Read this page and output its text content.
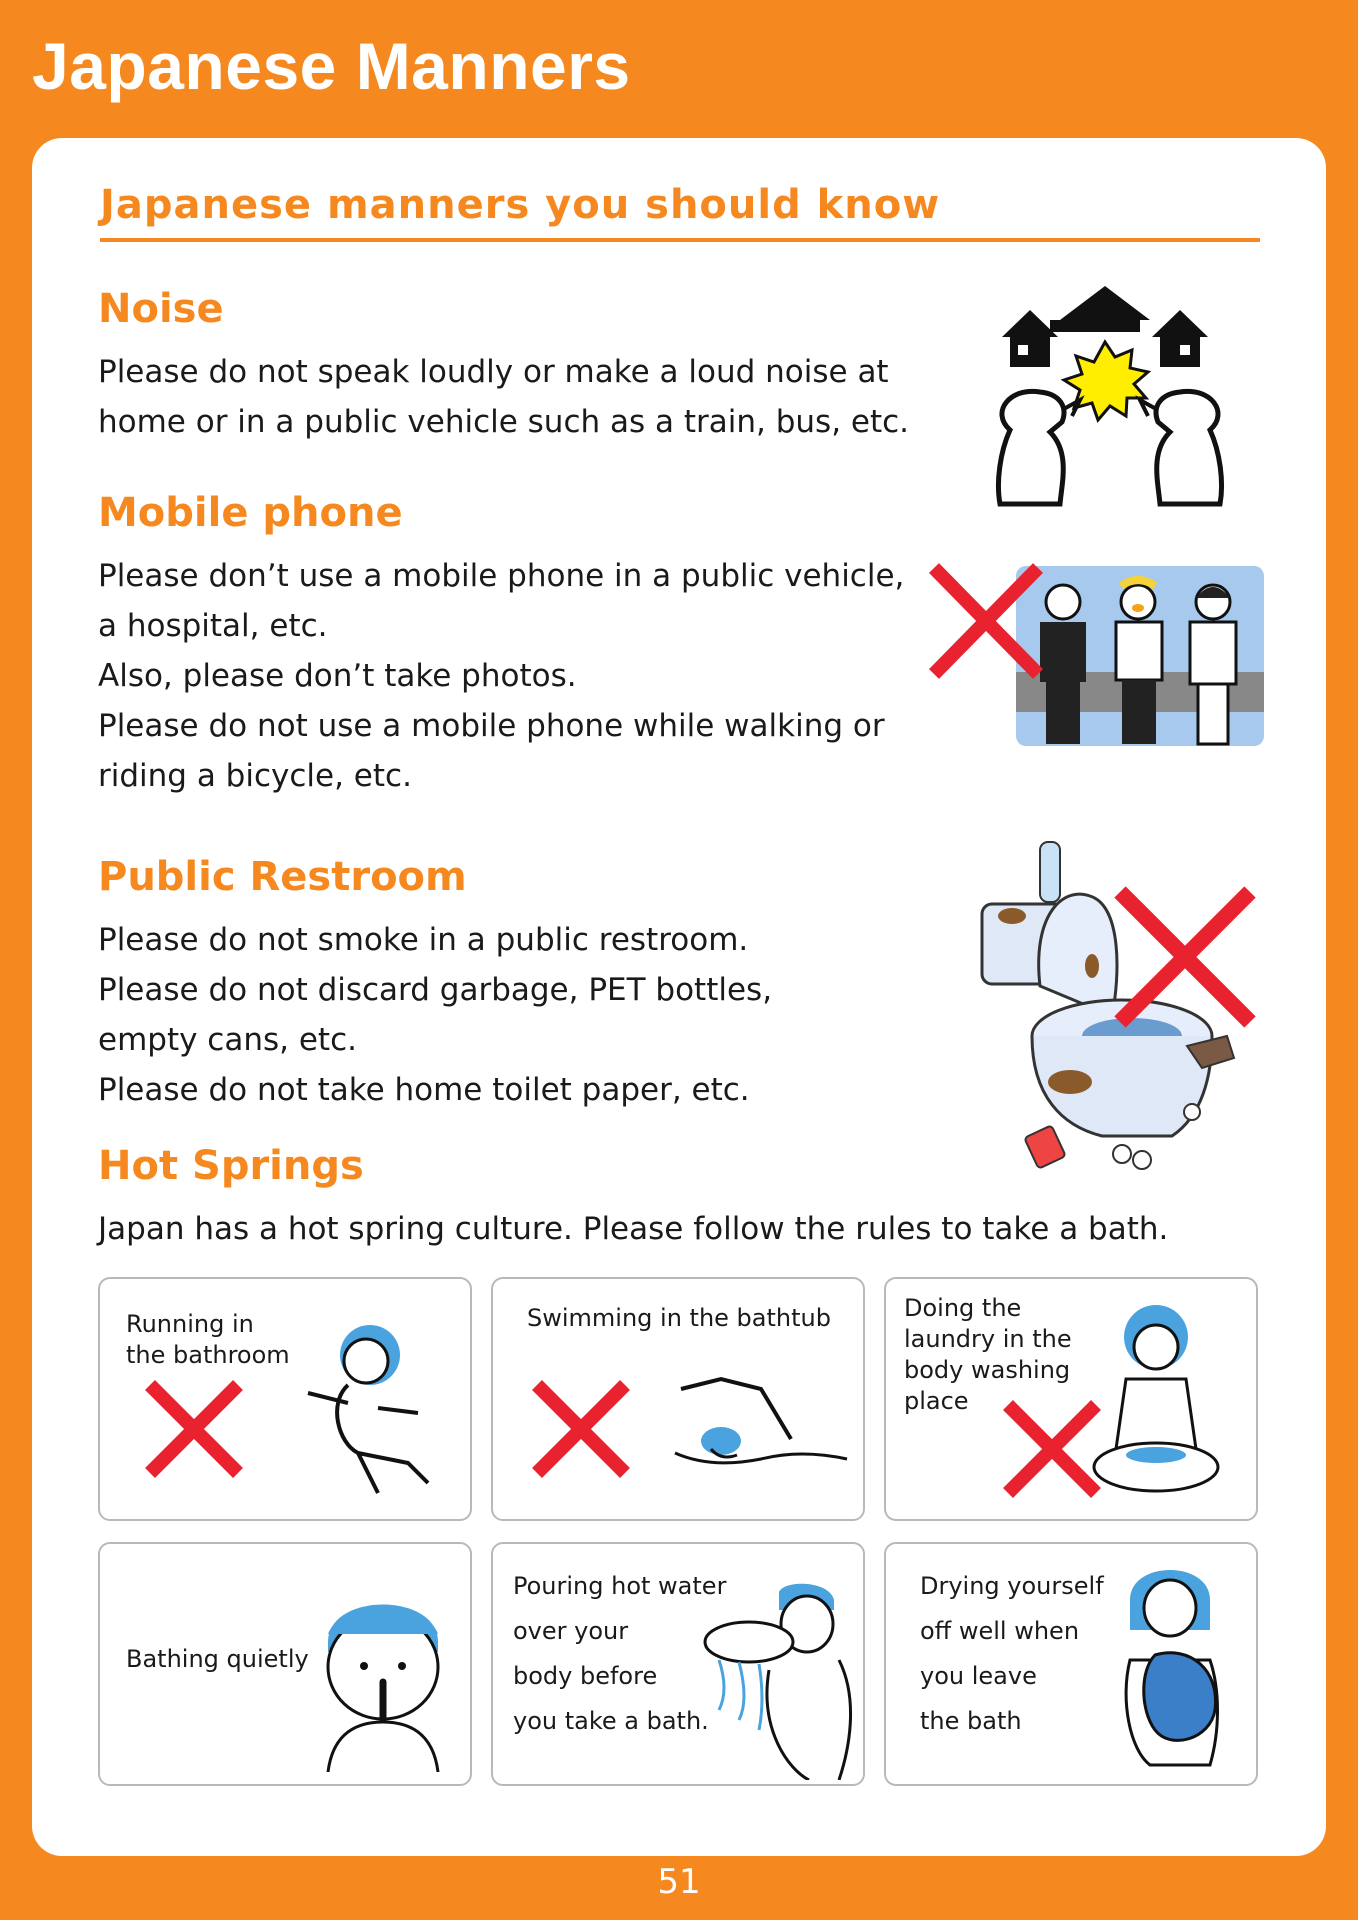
Japanese Manners
Japanese manners you should know
Noise
Please do not speak loudly or make a loud noise at
home or in a public vehicle such as a train, bus, etc.
Mobile phone
Please don’t use a mobile phone in a public vehicle,
a hospital, etc.
Also, please don’t take photos.
Please do not use a mobile phone while walking or
riding a bicycle, etc.
Public Restroom
Please do not smoke in a public restroom.
Please do not discard garbage, PET bottles,
empty cans, etc.
Please do not take home toilet paper, etc.
Hot Springs
Japan has a hot spring culture. Please follow the rules to take a bath.
Running in
the bathroom
Swimming in the bathtub	Doing the
laundry in the
body washing
place
Bathing quietly
Pouring hot water
over your
body before
you take a bath.
Drying yourself
off well when
you leave
the bath
51
